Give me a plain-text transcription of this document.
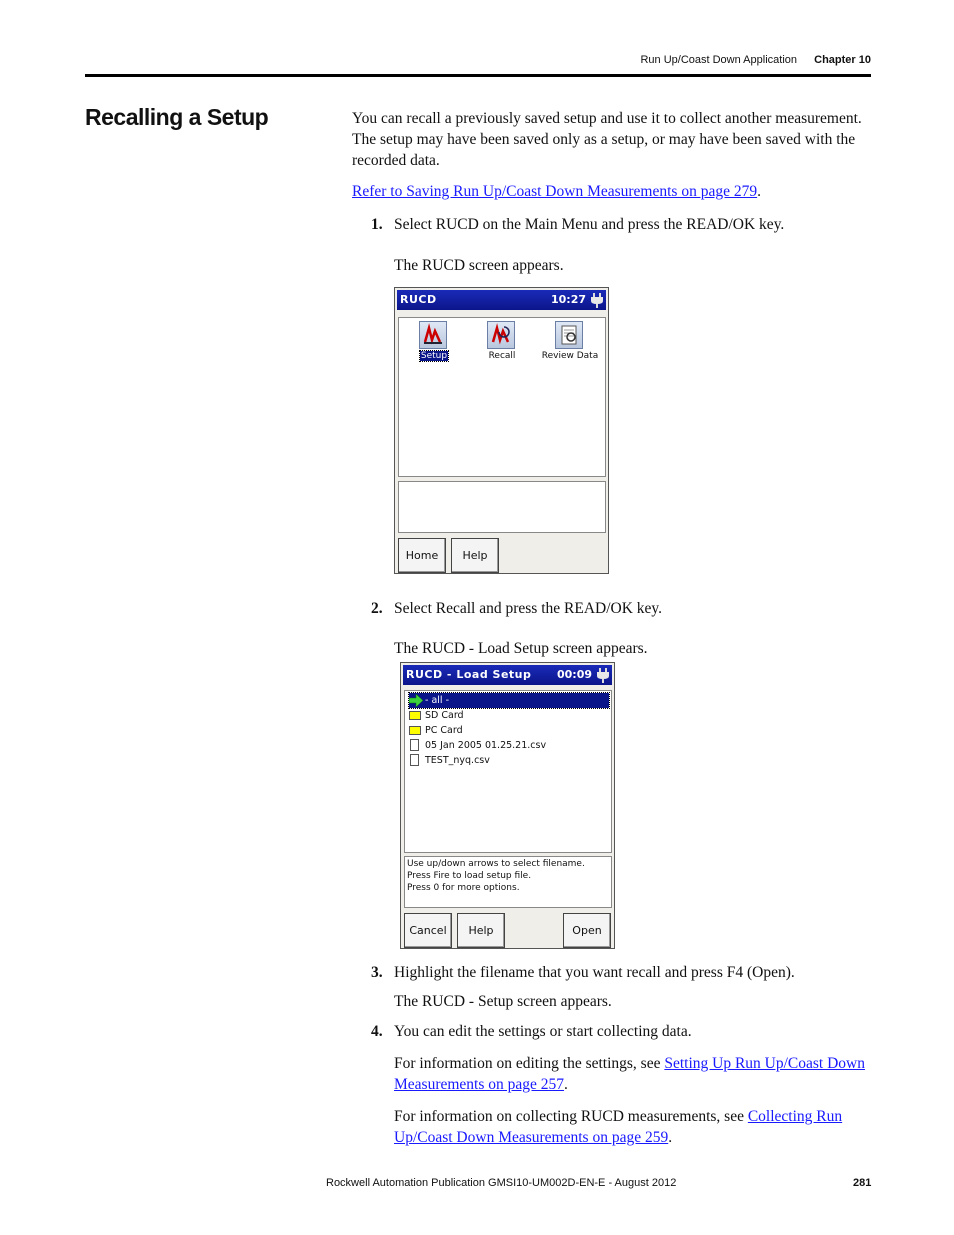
Run Up/Coast Down Application Chapter 10
Recalling a Setup	You can recall a previously saved setup and use it to collect another measurement. The setup may have been saved only as a setup, or may have been saved with the recorded data.

Refer to Saving Run Up/Coast Down Measurements on page 279.

1. Select RUCD on the Main Menu and press the READ/OK key.
The RUCD screen appears.
RUCD	10:27
Setup	Recall	Review Data
Home	Help
2. Select Recall and press the READ/OK key.
The RUCD - Load Setup screen appears.
RUCD - Load Setup 00:09
- all -
SD Card
PC Card
05 Jan 2005 01.25.21.csv
TEST_nyq.csv
Use up/down arrows to select filename.
Press Fire to load setup file.
Press 0 for more options.
Cancel	Help	Open
3. Highlight the filename that you want recall and press F4 (Open).
The RUCD - Setup screen appears.
4. You can edit the settings or start collecting data.
For information on editing the settings, see Setting Up Run Up/Coast Down Measurements on page 257.
For information on collecting RUCD measurements, see Collecting Run Up/Coast Down Measurements on page 259.
Rockwell Automation Publication GMSI10-UM002D-EN-E - August 2012	281
